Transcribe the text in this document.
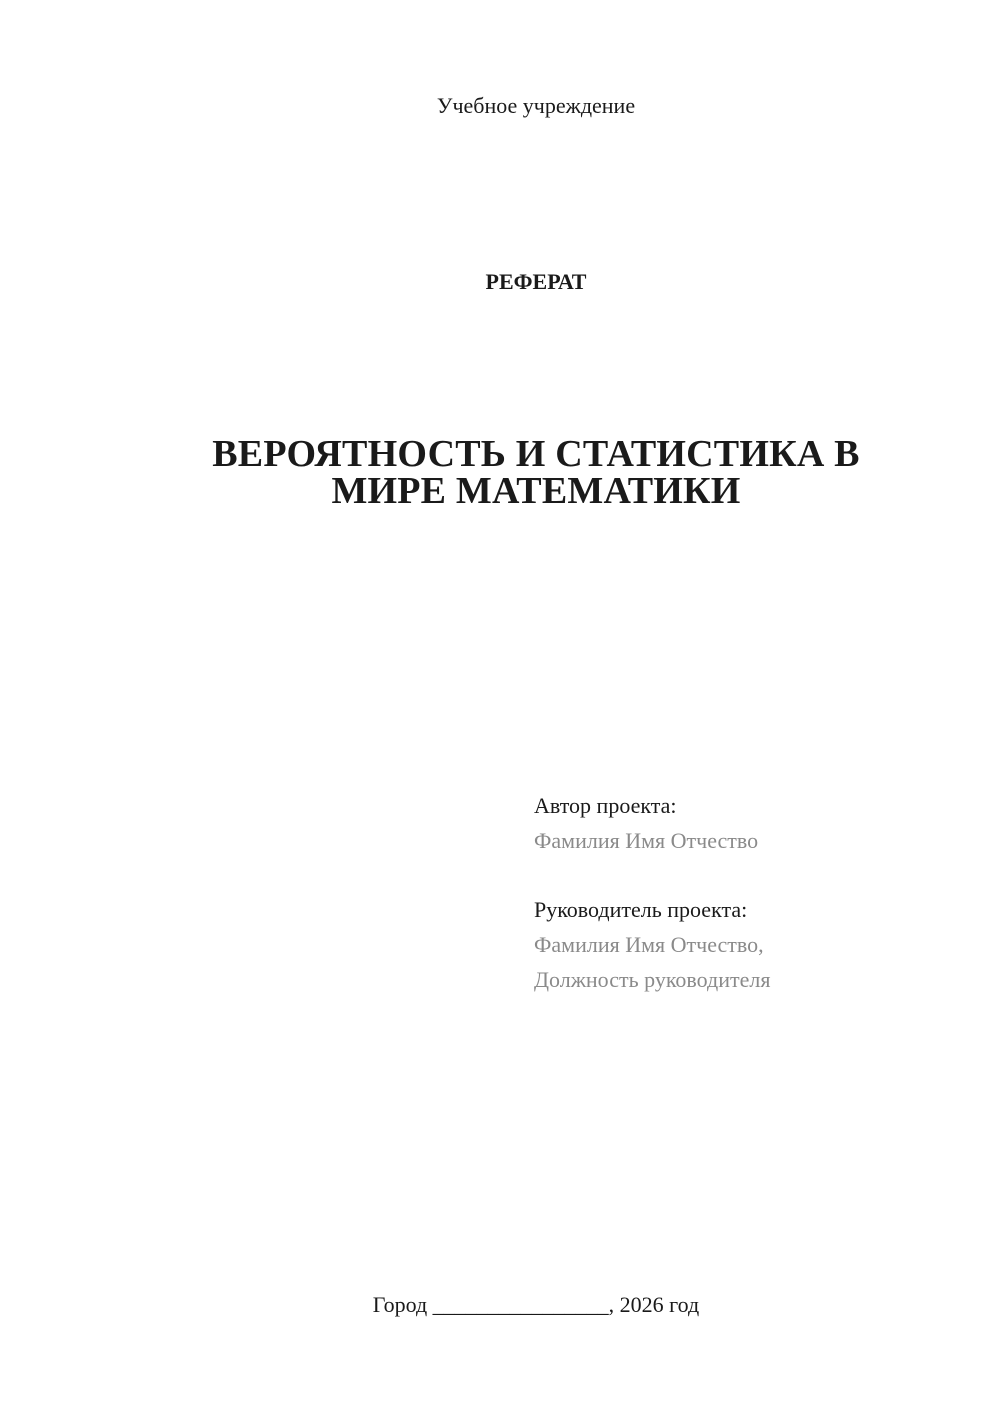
Учебное учреждение
РЕФЕРАТ
ВЕРОЯТНОСТЬ И СТАТИСТИКА В
МИРЕ МАТЕМАТИКИ
Автор проекта:
Фамилия Имя Отчество
Руководитель проекта:
Фамилия Имя Отчество,
Должность руководителя
Город ________________, 2026 год
